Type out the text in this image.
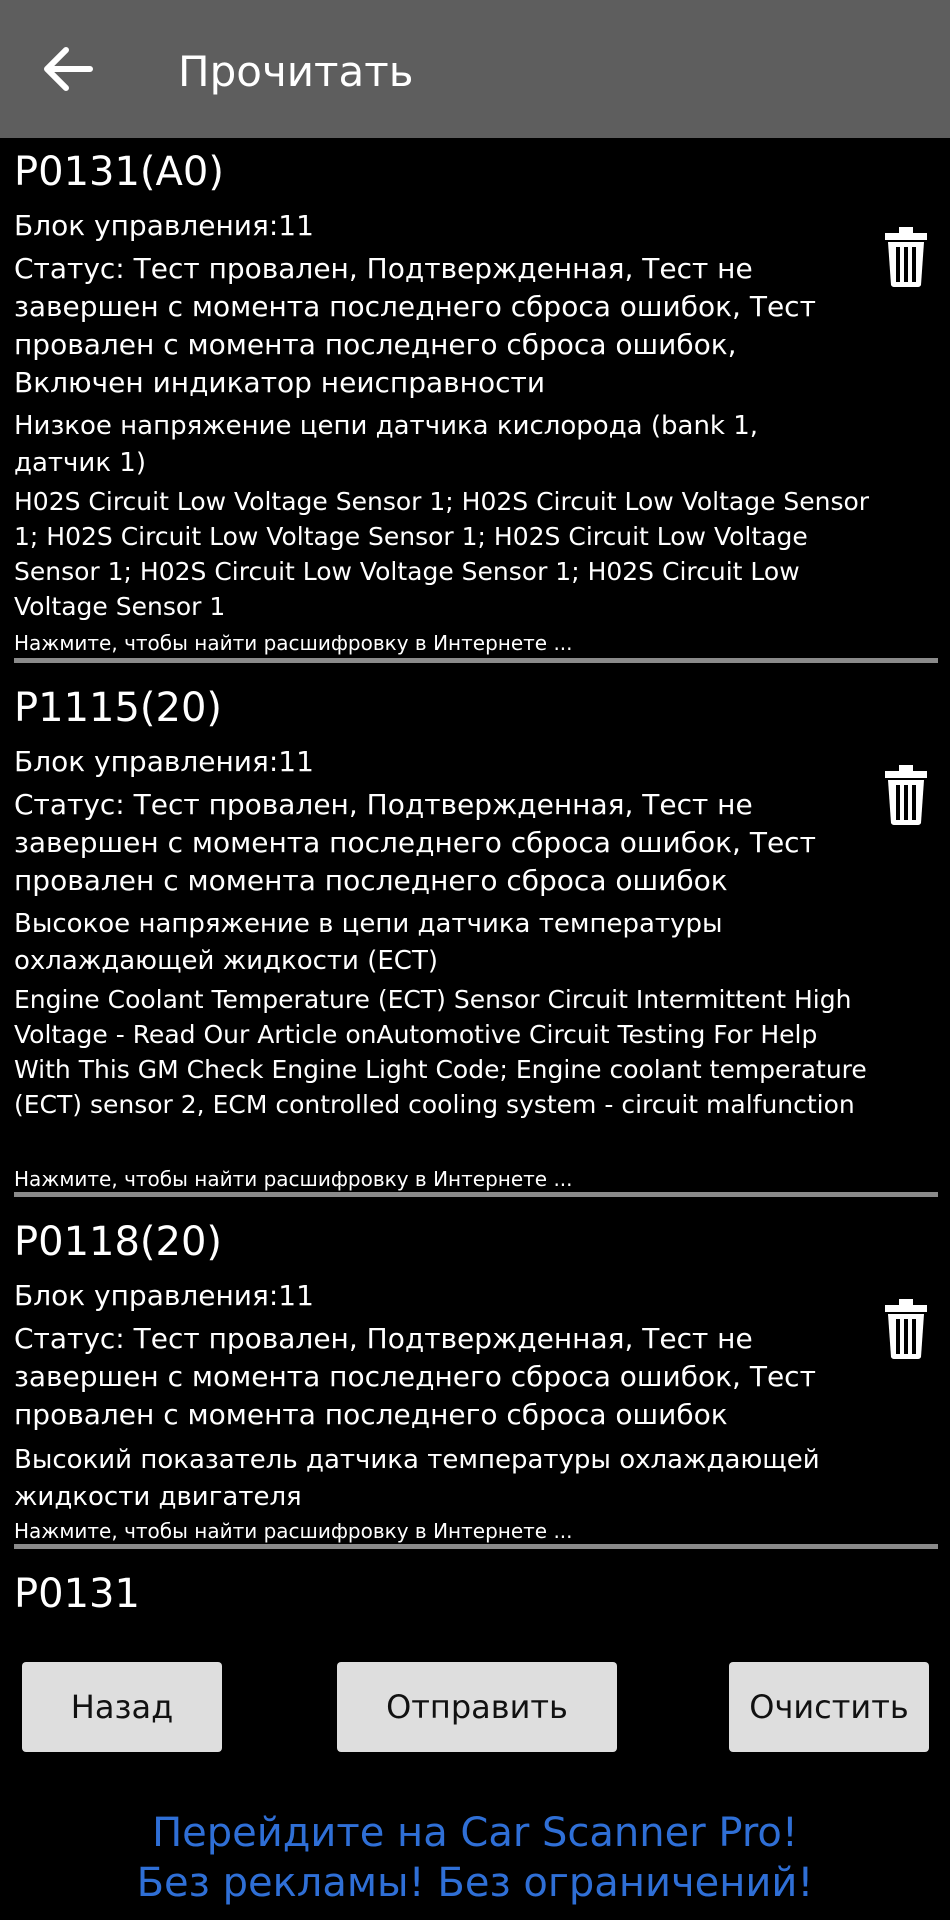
Прочитать
P0131(A0)
Блок управления:11
Статус: Тест провален, Подтвержденная, Тест не завершен с момента последнего сброса ошибок, Тест провален с момента последнего сброса ошибок, Включен индикатор неисправности
Низкое напряжение цепи датчика кислорода (bank 1, датчик 1)
H02S Circuit Low Voltage Sensor 1; H02S Circuit Low Voltage Sensor 1; H02S Circuit Low Voltage Sensor 1; H02S Circuit Low Voltage Sensor 1; H02S Circuit Low Voltage Sensor 1; H02S Circuit Low Voltage Sensor 1
Нажмите, чтобы найти расшифровку в Интернете ...
P1115(20)
Блок управления:11
Статус: Тест провален, Подтвержденная, Тест не завершен с момента последнего сброса ошибок, Тест провален с момента последнего сброса ошибок
Высокое напряжение в цепи датчика температуры охлаждающей жидкости (ECT)
Engine Coolant Temperature (ECT) Sensor Circuit Intermittent High Voltage - Read Our Article onAutomotive Circuit Testing For Help With This GM Check Engine Light Code; Engine coolant temperature (ECT) sensor 2, ECM controlled cooling system - circuit malfunction
Нажмите, чтобы найти расшифровку в Интернете ...
P0118(20)
Блок управления:11
Статус: Тест провален, Подтвержденная, Тест не завершен с момента последнего сброса ошибок, Тест провален с момента последнего сброса ошибок
Высокий показатель датчика температуры охлаждающей жидкости двигателя
Нажмите, чтобы найти расшифровку в Интернете ...
P0131
Назад	Отправить	Очистить
Перейдите на Car Scanner Pro!
Без рекламы! Без ограничений!
